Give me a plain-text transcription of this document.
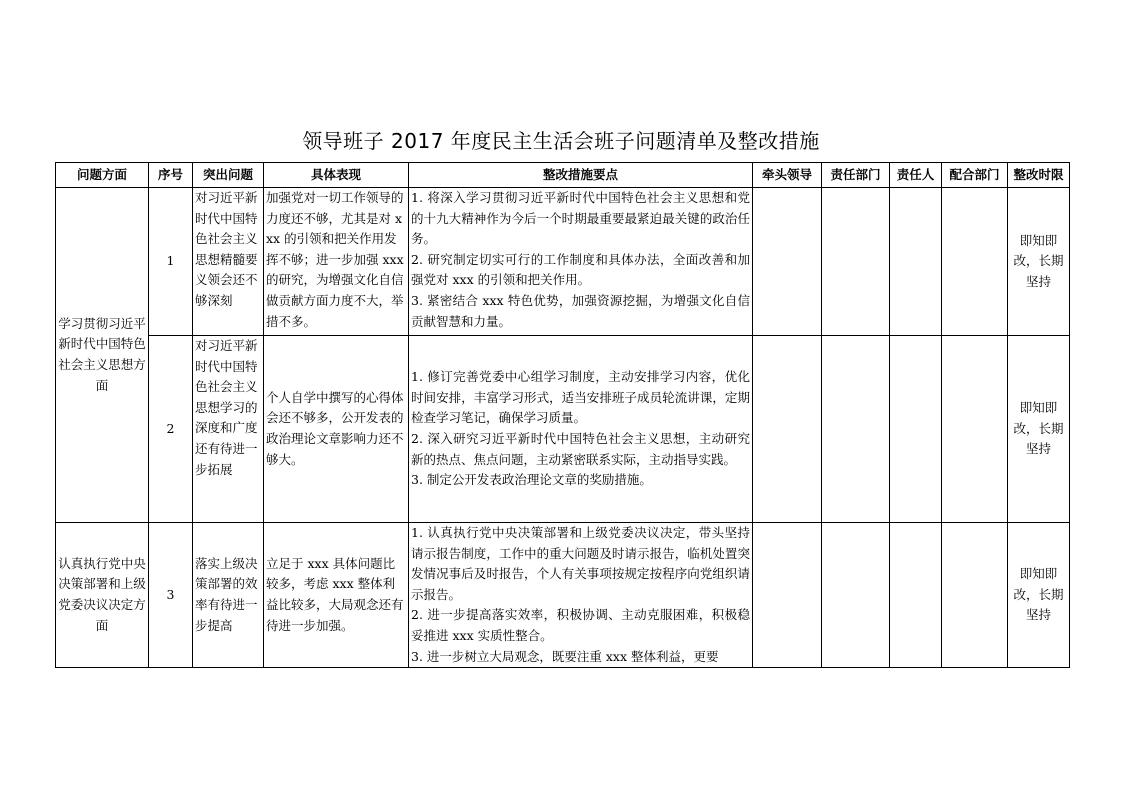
领导班子 2017 年度民主生活会班子问题清单及整改措施
问题方面	序号	突出问题	具体表现	整改措施要点	牵头领导	责任部门	责任人	配合部门	整改时限
学习贯彻习近平新时代中国特色社会主义思想方面	1	对习近平新时代中国特色社会主义思想精髓要义领会还不够深刻	加强党对一切工作领导的力度还不够，尤其是对 xxx 的引领和把关作用发挥不够；进一步加强 xxx 的研究，为增强文化自信做贡献方面力度不大，举措不多。	1. 将深入学习贯彻习近平新时代中国特色社会主义思想和党的十九大精神作为今后一个时期最重要最紧迫最关键的政治任务。
2. 研究制定切实可行的工作制度和具体办法，全面改善和加强党对 xxx 的引领和把关作用。
3. 紧密结合 xxx 特色优势，加强资源挖掘，为增强文化自信贡献智慧和力量。					即知即改，长期坚持
	2	对习近平新时代中国特色社会主义思想学习的深度和广度还有待进一步拓展	个人自学中撰写的心得体会还不够多，公开发表的政治理论文章影响力还不够大。	1. 修订完善党委中心组学习制度，主动安排学习内容，优化时间安排，丰富学习形式，适当安排班子成员轮流讲课，定期检查学习笔记，确保学习质量。
2. 深入研究习近平新时代中国特色社会主义思想，主动研究新的热点、焦点问题，主动紧密联系实际，主动指导实践。
3. 制定公开发表政治理论文章的奖励措施。					即知即改，长期坚持
认真执行党中央决策部署和上级党委决议决定方面	3	落实上级决策部署的效率有待进一步提高	立足于 xxx 具体问题比较多，考虑 xxx 整体利益比较多，大局观念还有待进一步加强。	1. 认真执行党中央决策部署和上级党委决议决定，带头坚持请示报告制度，工作中的重大问题及时请示报告，临机处置突发情况事后及时报告，个人有关事项按规定按程序向党组织请示报告。
2. 进一步提高落实效率，积极协调、主动克服困难，积极稳妥推进 xxx 实质性整合。
3. 进一步树立大局观念，既要注重 xxx 整体利益，更要					即知即改，长期坚持
